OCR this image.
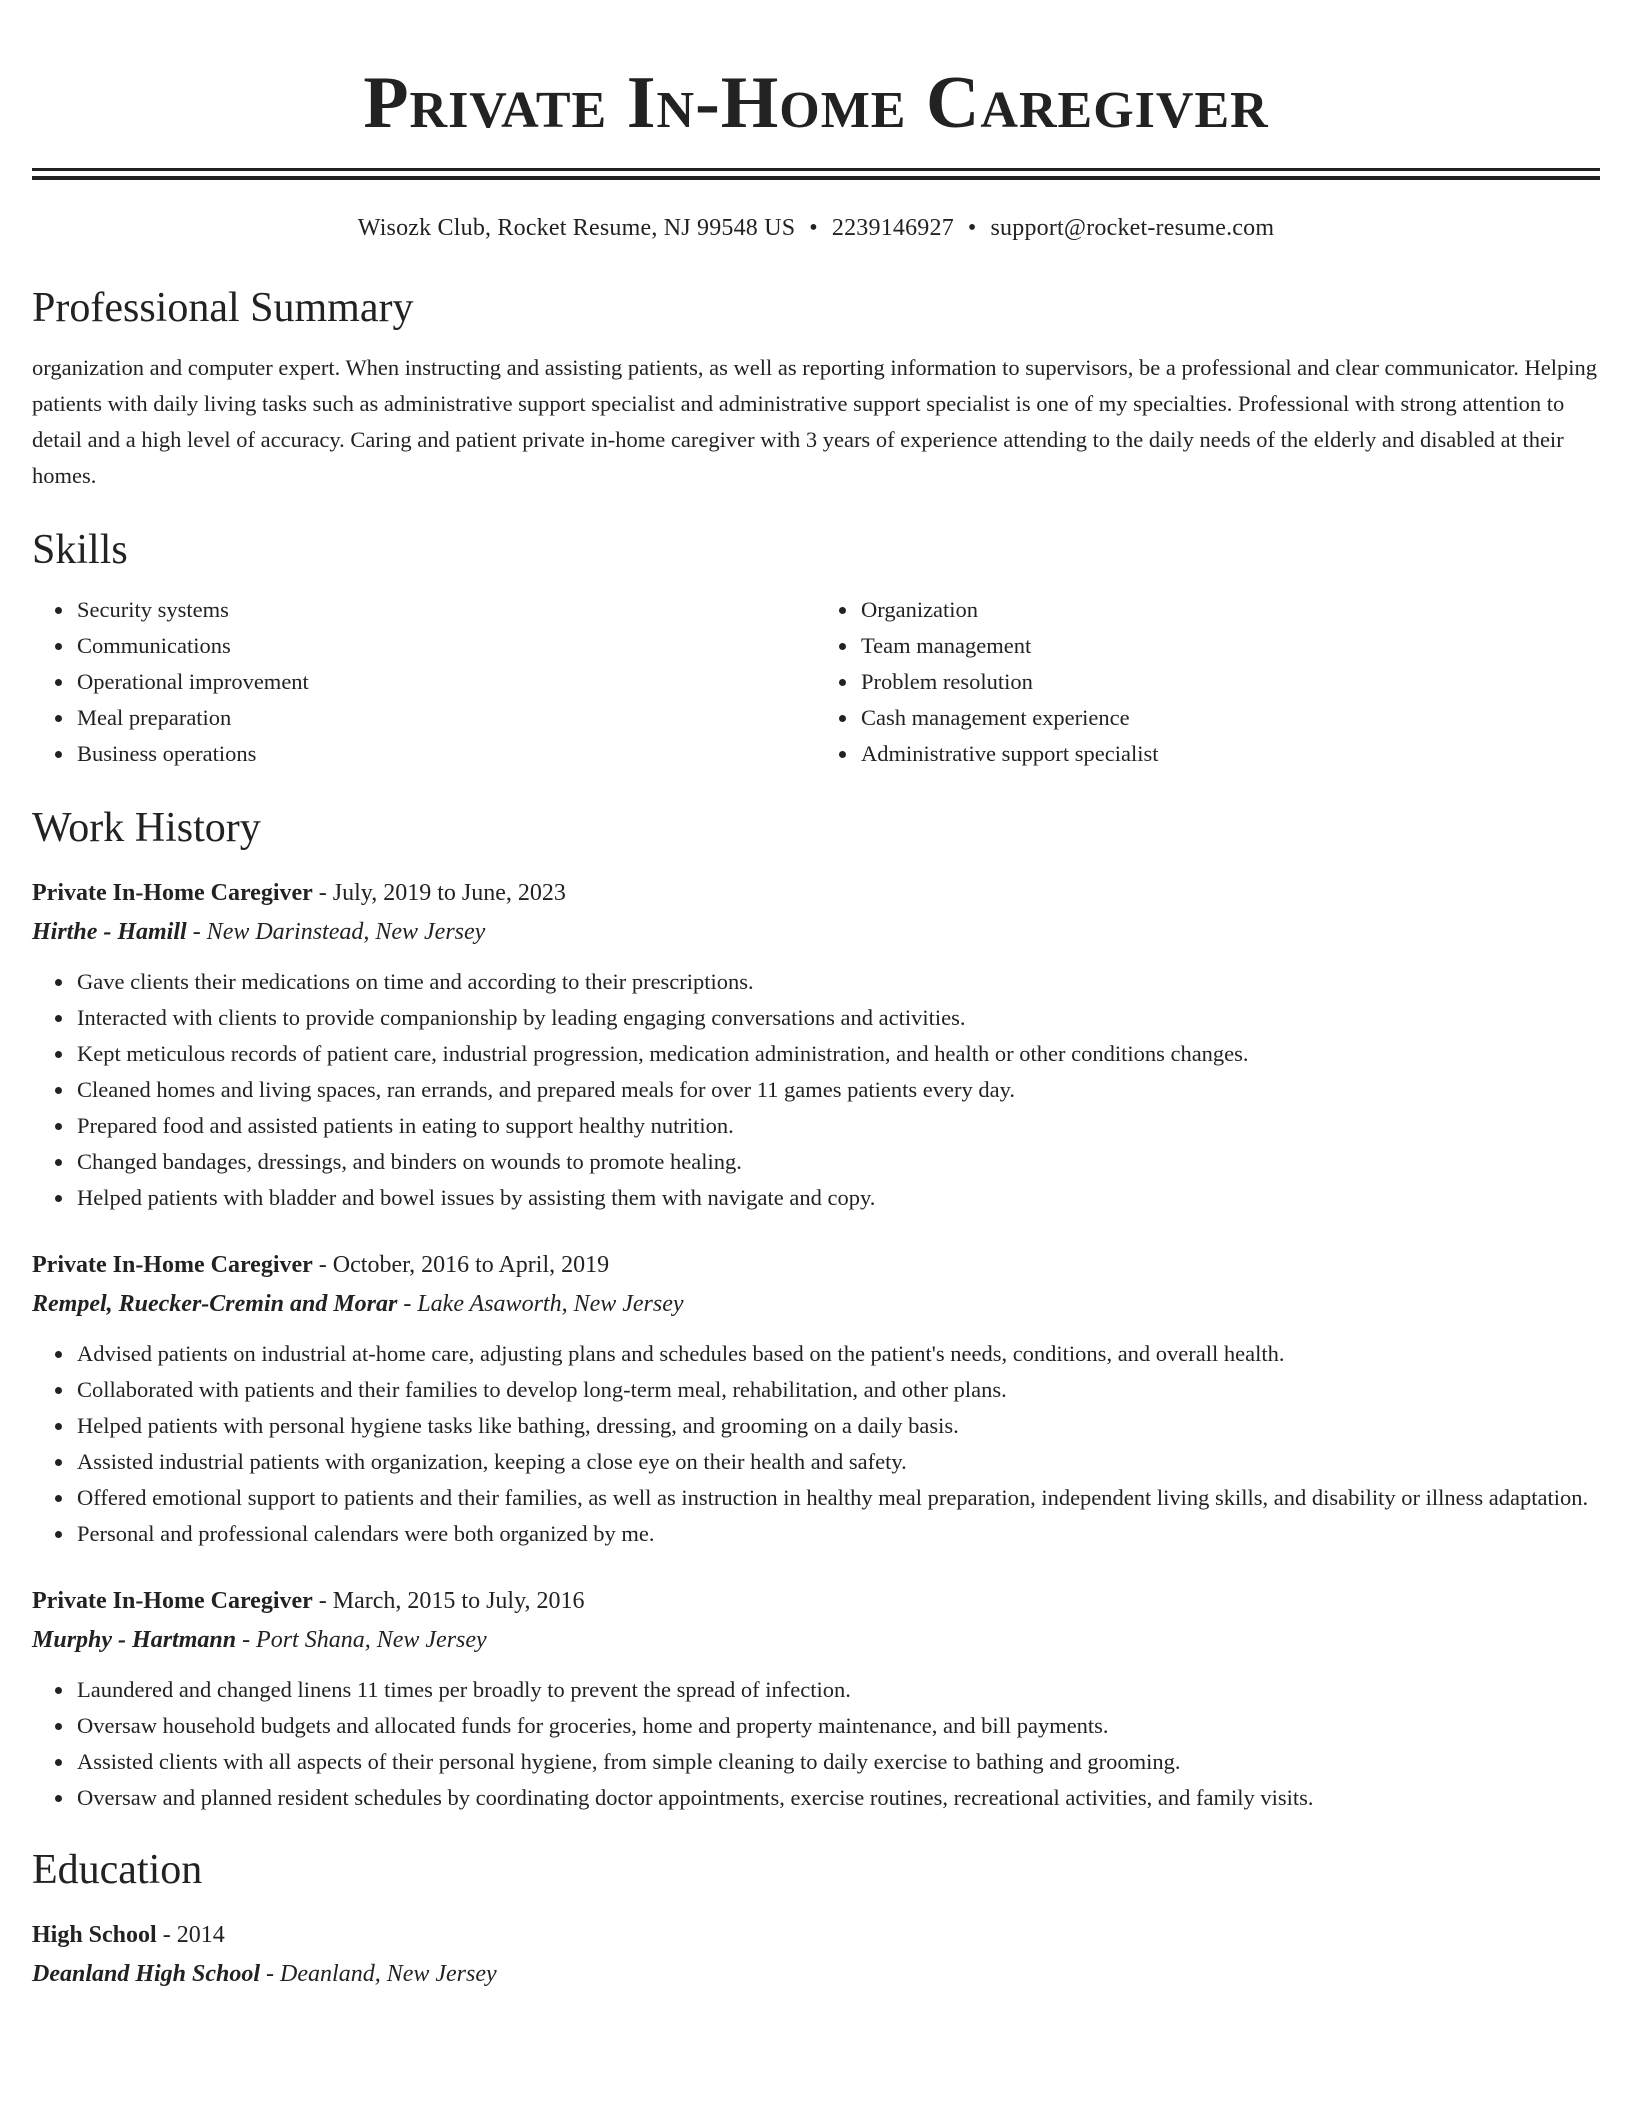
Private In-Home Caregiver
Wisozk Club, Rocket Resume, NJ 99548 US • 2239146927 • support@rocket-resume.com
Professional Summary
organization and computer expert. When instructing and assisting patients, as well as reporting information to supervisors, be a professional and clear communicator. Helping patients with daily living tasks such as administrative support specialist and administrative support specialist is one of my specialties. Professional with strong attention to detail and a high level of accuracy. Caring and patient private in-home caregiver with 3 years of experience attending to the daily needs of the elderly and disabled at their homes.
Skills
• Security systems
• Communications
• Operational improvement
• Meal preparation
• Business operations
• Organization
• Team management
• Problem resolution
• Cash management experience
• Administrative support specialist
Work History
Private In-Home Caregiver - July, 2019 to June, 2023
Hirthe - Hamill - New Darinstead, New Jersey
• Gave clients their medications on time and according to their prescriptions.
• Interacted with clients to provide companionship by leading engaging conversations and activities.
• Kept meticulous records of patient care, industrial progression, medication administration, and health or other conditions changes.
• Cleaned homes and living spaces, ran errands, and prepared meals for over 11 games patients every day.
• Prepared food and assisted patients in eating to support healthy nutrition.
• Changed bandages, dressings, and binders on wounds to promote healing.
• Helped patients with bladder and bowel issues by assisting them with navigate and copy.
Private In-Home Caregiver - October, 2016 to April, 2019
Rempel, Ruecker-Cremin and Morar - Lake Asaworth, New Jersey
• Advised patients on industrial at-home care, adjusting plans and schedules based on the patient's needs, conditions, and overall health.
• Collaborated with patients and their families to develop long-term meal, rehabilitation, and other plans.
• Helped patients with personal hygiene tasks like bathing, dressing, and grooming on a daily basis.
• Assisted industrial patients with organization, keeping a close eye on their health and safety.
• Offered emotional support to patients and their families, as well as instruction in healthy meal preparation, independent living skills, and disability or illness adaptation.
• Personal and professional calendars were both organized by me.
Private In-Home Caregiver - March, 2015 to July, 2016
Murphy - Hartmann - Port Shana, New Jersey
• Laundered and changed linens 11 times per broadly to prevent the spread of infection.
• Oversaw household budgets and allocated funds for groceries, home and property maintenance, and bill payments.
• Assisted clients with all aspects of their personal hygiene, from simple cleaning to daily exercise to bathing and grooming.
• Oversaw and planned resident schedules by coordinating doctor appointments, exercise routines, recreational activities, and family visits.
Education
High School - 2014
Deanland High School - Deanland, New Jersey
